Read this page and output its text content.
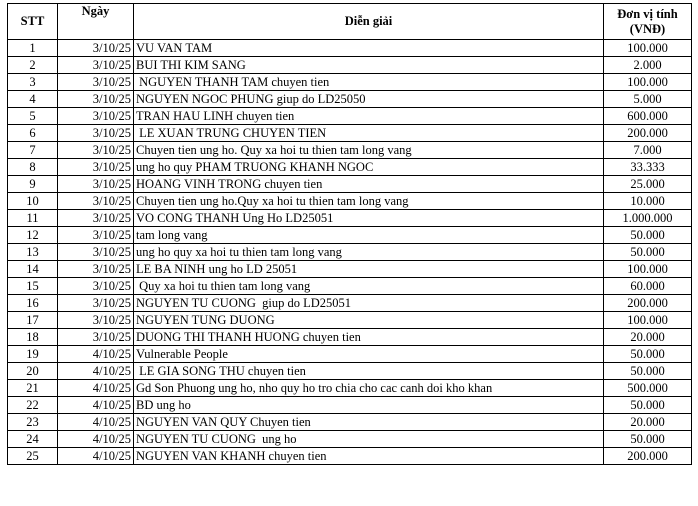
STT	Ngày	Diễn giải	Đơn vị tính
(VNĐ)

1	3/10/25	VU VAN TAM	100.000
2	3/10/25	BUI THI KIM SANG	2.000
3	3/10/25	NGUYEN THANH TAM chuyen tien	100.000
4	3/10/25	NGUYEN NGOC PHUNG giup do LD25050	5.000
5	3/10/25	TRAN HAU LINH chuyen tien	600.000
6	3/10/25	LE XUAN TRUNG CHUYEN TIEN	200.000
7	3/10/25	Chuyen tien ung ho. Quy xa hoi tu thien tam long vang	7.000
8	3/10/25	ung ho quy PHAM TRUONG KHANH NGOC	33.333
9	3/10/25	HOANG VINH TRONG chuyen tien	25.000
10	3/10/25	Chuyen tien ung ho.Quy xa hoi tu thien tam long vang	10.000
11	3/10/25	VO CONG THANH Ung Ho LD25051	1.000.000
12	3/10/25	tam long vang	50.000
13	3/10/25	ung ho quy xa hoi tu thien tam long vang	50.000
14	3/10/25	LE BA NINH ung ho LD 25051	100.000
15	3/10/25	Quy xa hoi tu thien tam long vang	60.000
16	3/10/25	NGUYEN TU CUONG  giup do LD25051	200.000
17	3/10/25	NGUYEN TUNG DUONG	100.000
18	3/10/25	DUONG THI THANH HUONG chuyen tien	20.000
19	4/10/25	Vulnerable People	50.000
20	4/10/25	LE GIA SONG THU chuyen tien	50.000
21	4/10/25	Gd Son Phuong ung ho, nho quy ho tro chia cho cac canh doi kho khan	500.000
22	4/10/25	BD ung ho	50.000
23	4/10/25	NGUYEN VAN QUY Chuyen tien	20.000
24	4/10/25	NGUYEN TU CUONG  ung ho	50.000
25	4/10/25	NGUYEN VAN KHANH chuyen tien	200.000
